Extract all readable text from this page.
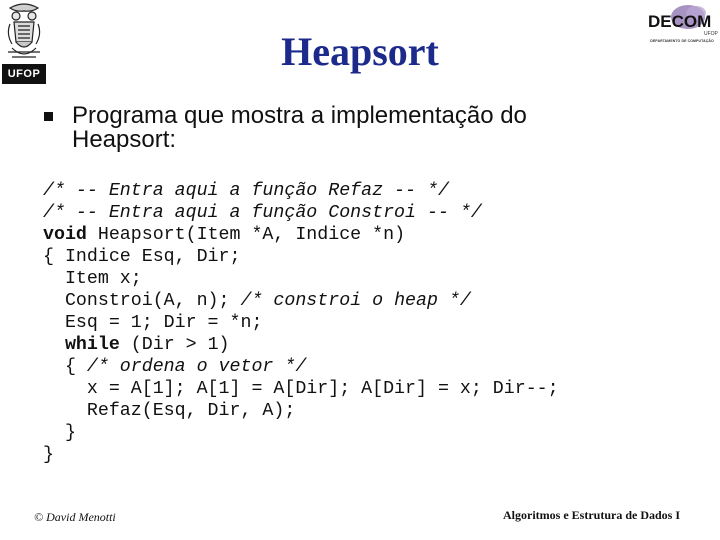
UFOP
DECOM
UFOP
DEPARTAMENTO DE COMPUTAÇÃO
Heapsort
Programa que mostra a implementação do Heapsort:
/* -- Entra aqui a função Refaz -- */
/* -- Entra aqui a função Constroi -- */
void Heapsort(Item *A, Indice *n)
{ Indice Esq, Dir;
Item x;
Constroi(A, n); /* constroi o heap */
Esq = 1; Dir = *n;
while (Dir > 1)
{ /* ordena o vetor */
x = A[1]; A[1] = A[Dir]; A[Dir] = x; Dir--;
Refaz(Esq, Dir, A);
}
}
© David Menotti	Algoritmos e Estrutura de Dados I
